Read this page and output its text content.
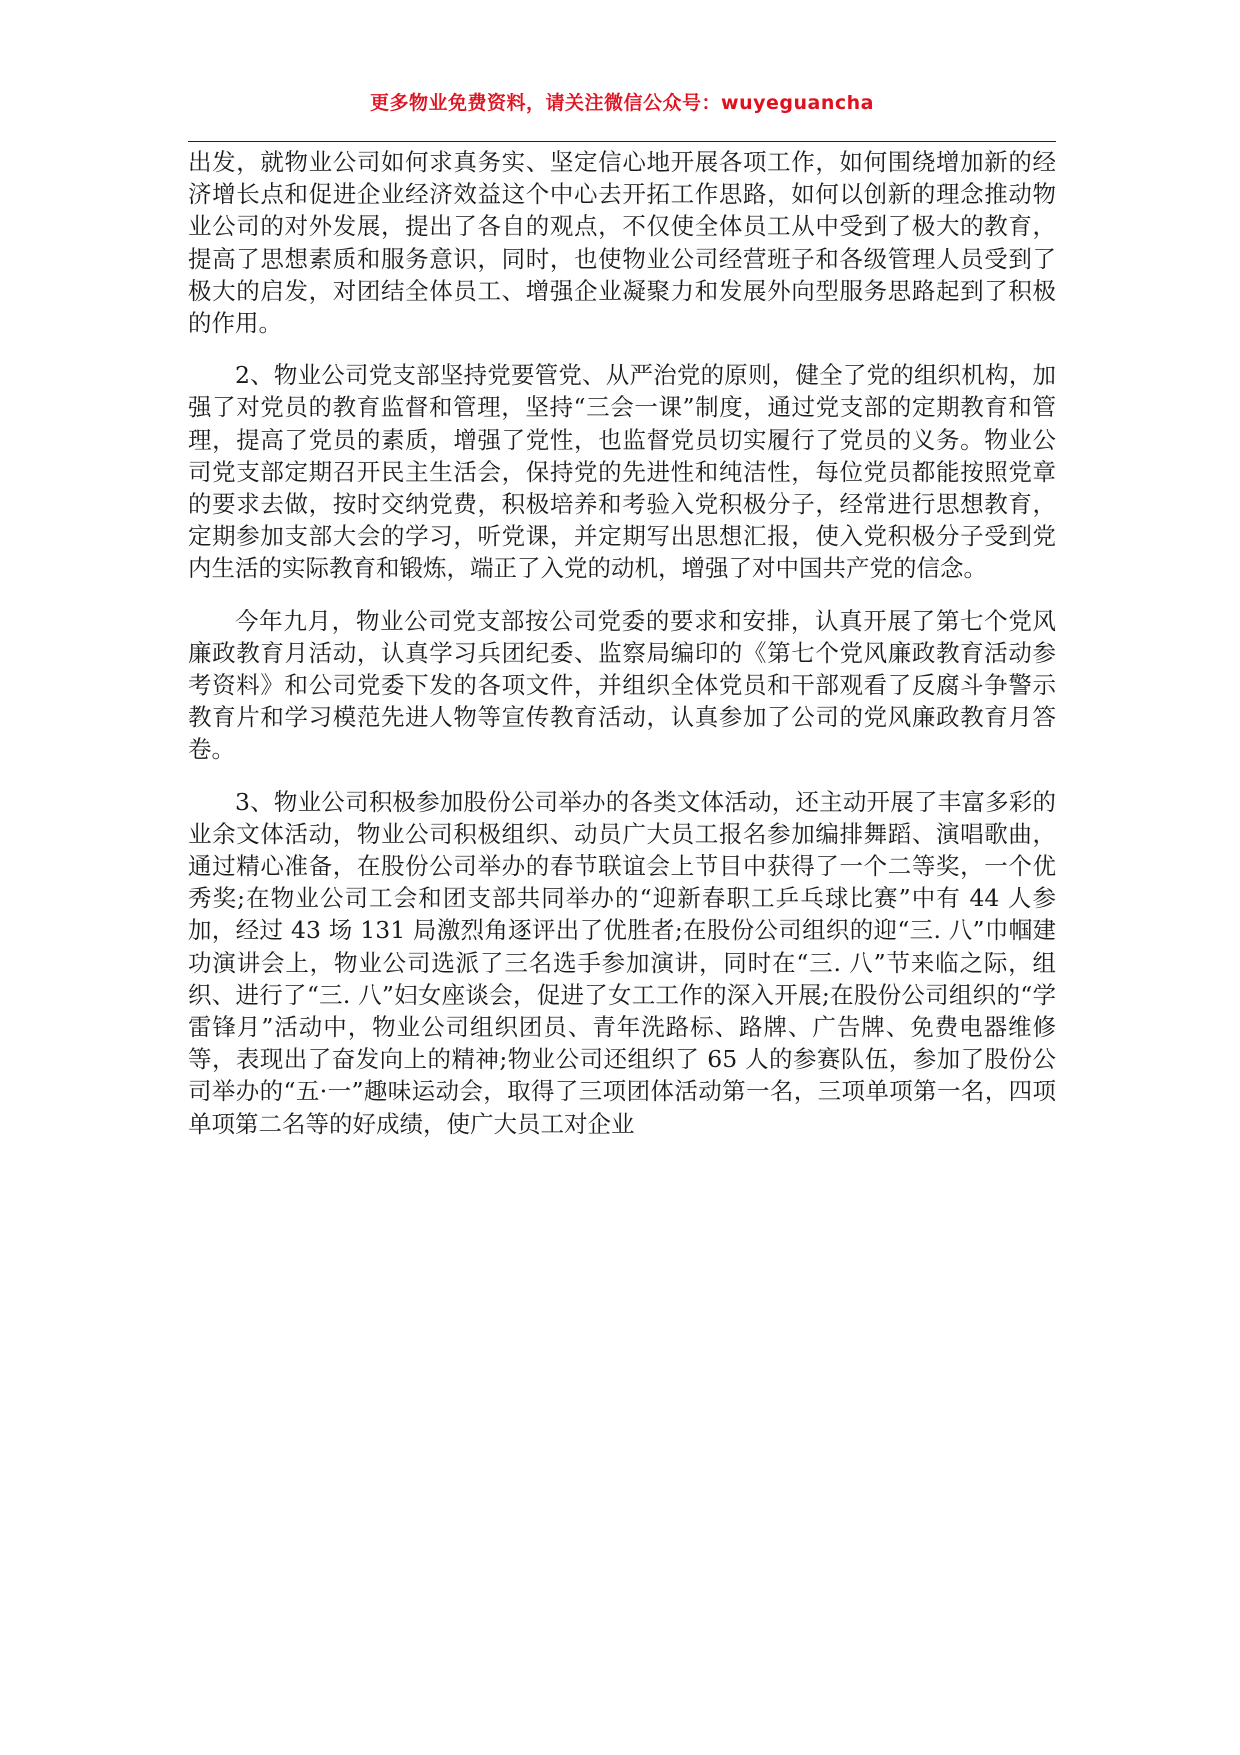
更多物业免费资料，请关注微信公众号：wuyeguancha

出发，就物业公司如何求真务实、坚定信心地开展各项工作，如何围绕增加新的经济增长点和促进企业经济效益这个中心去开拓工作思路，如何以创新的理念推动物业公司的对外发展，提出了各自的观点，不仅使全体员工从中受到了极大的教育，提高了思想素质和服务意识，同时，也使物业公司经营班子和各级管理人员受到了极大的启发，对团结全体员工、增强企业凝聚力和发展外向型服务思路起到了积极的作用。

2、物业公司党支部坚持党要管党、从严治党的原则，健全了党的组织机构，加强了对党员的教育监督和管理，坚持“三会一课”制度，通过党支部的定期教育和管理，提高了党员的素质，增强了党性，也监督党员切实履行了党员的义务。物业公司党支部定期召开民主生活会，保持党的先进性和纯洁性，每位党员都能按照党章的要求去做，按时交纳党费，积极培养和考验入党积极分子，经常进行思想教育，定期参加支部大会的学习，听党课，并定期写出思想汇报，使入党积极分子受到党内生活的实际教育和锻炼，端正了入党的动机，增强了对中国共产党的信念。

今年九月，物业公司党支部按公司党委的要求和安排，认真开展了第七个党风廉政教育月活动，认真学习兵团纪委、监察局编印的《第七个党风廉政教育活动参考资料》和公司党委下发的各项文件，并组织全体党员和干部观看了反腐斗争警示教育片和学习模范先进人物等宣传教育活动，认真参加了公司的党风廉政教育月答卷。

3、物业公司积极参加股份公司举办的各类文体活动，还主动开展了丰富多彩的业余文体活动，物业公司积极组织、动员广大员工报名参加编排舞蹈、演唱歌曲，通过精心准备，在股份公司举办的春节联谊会上节目中获得了一个二等奖，一个优秀奖;在物业公司工会和团支部共同举办的“迎新春职工乒乓球比赛”中有 44 人参加，经过 43 场 131 局激烈角逐评出了优胜者;在股份公司组织的迎“三. 八”巾帼建功演讲会上，物业公司选派了三名选手参加演讲，同时在“三. 八”节来临之际，组织、进行了“三. 八”妇女座谈会，促进了女工工作的深入开展;在股份公司组织的“学雷锋月”活动中，物业公司组织团员、青年洗路标、路牌、广告牌、免费电器维修等，表现出了奋发向上的精神;物业公司还组织了 65 人的参赛队伍，参加了股份公司举办的“五·一”趣味运动会，取得了三项团体活动第一名，三项单项第一名，四项单项第二名等的好成绩，使广大员工对企业
